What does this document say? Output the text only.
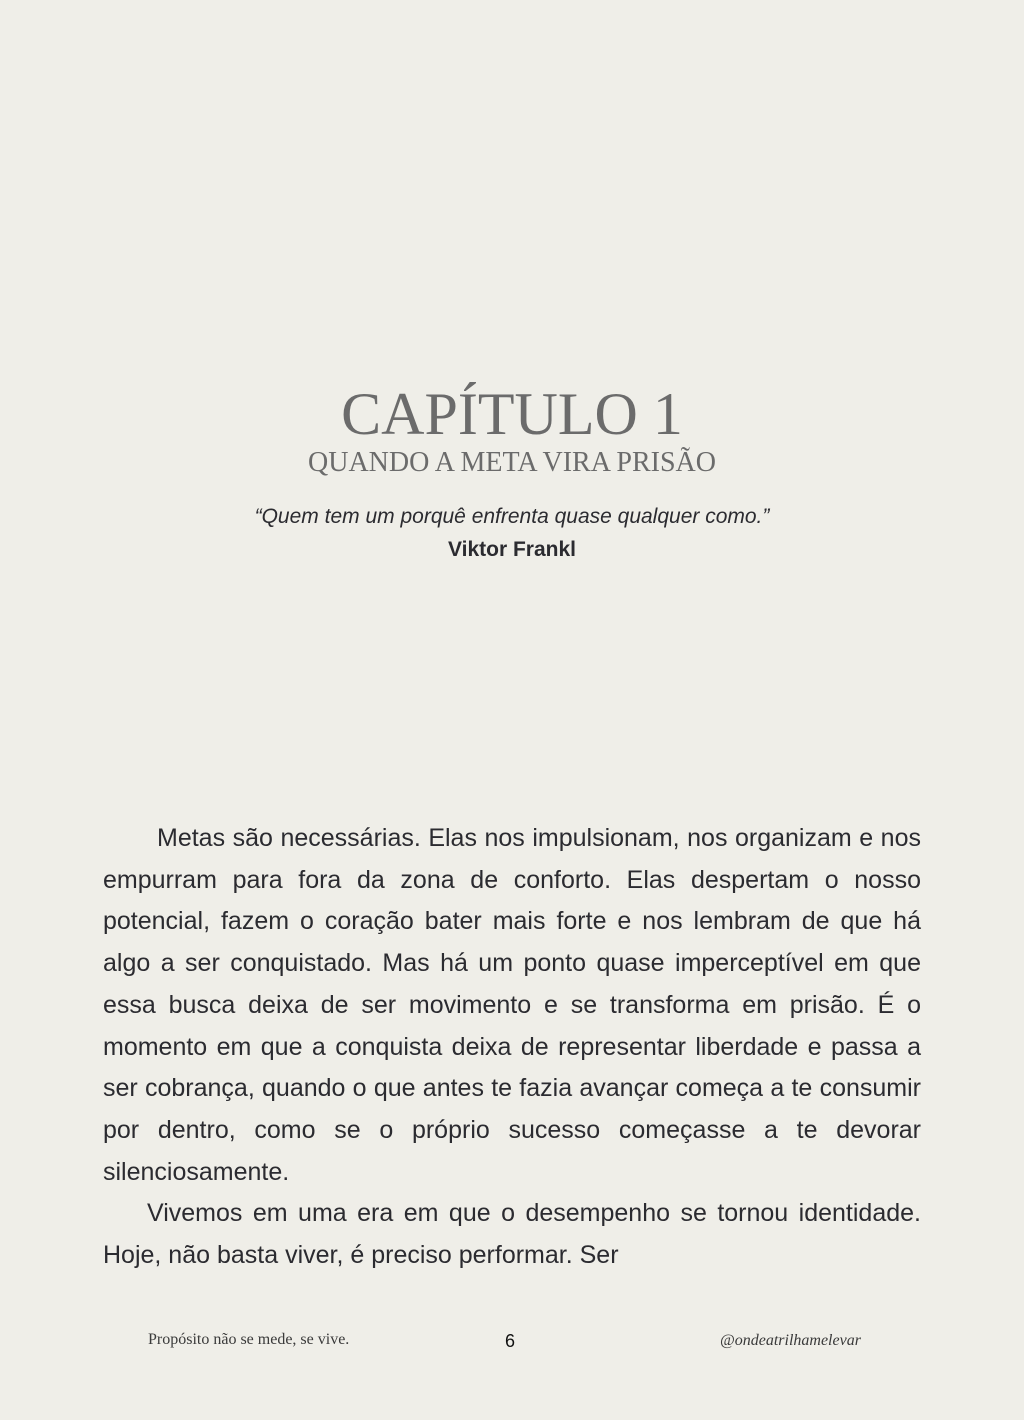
CAPÍTULO 1
QUANDO A META VIRA PRISÃO
“Quem tem um porquê enfrenta quase qualquer como.”
Viktor Frankl

Metas são necessárias. Elas nos impulsionam, nos organizam e nos empurram para fora da zona de conforto. Elas despertam o nosso potencial, fazem o coração bater mais forte e nos lembram de que há algo a ser conquistado. Mas há um ponto quase imperceptível em que essa busca deixa de ser movimento e se transforma em prisão. É o momento em que a conquista deixa de representar liberdade e passa a ser cobrança, quando o que antes te fazia avançar começa a te consumir por dentro, como se o próprio sucesso começasse a te devorar silenciosamente.

Vivemos em uma era em que o desempenho se tornou identidade. Hoje, não basta viver, é preciso performar. Ser

Propósito não se mede, se vive.	6	@ondeatrilhamelevar
